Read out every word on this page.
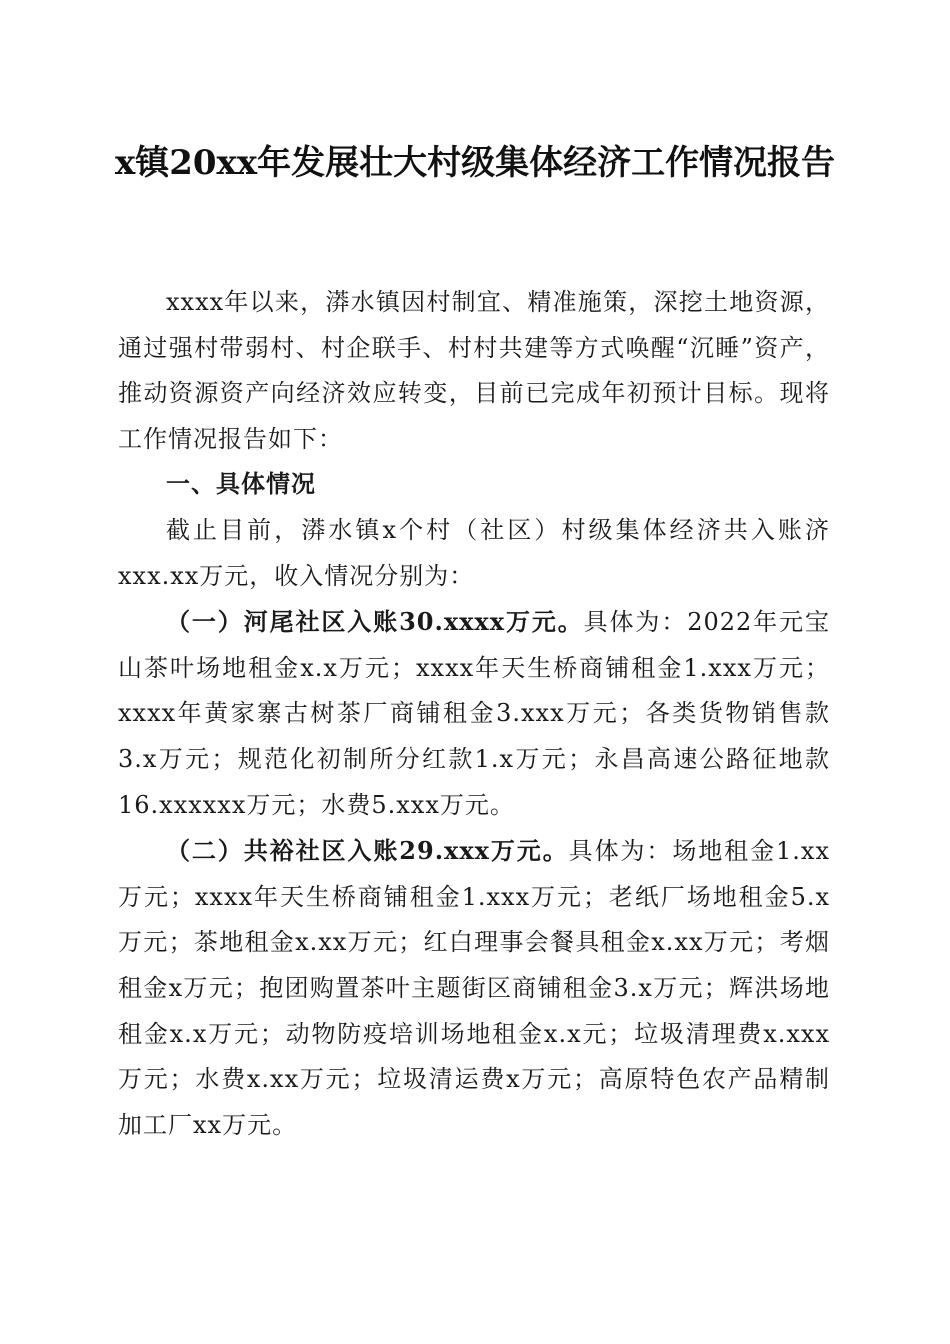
x镇20xx年发展壮大村级集体经济工作情况报告

xxxx年以来，漭水镇因村制宜、精准施策，深挖土地资源，通过强村带弱村、村企联手、村村共建等方式唤醒“沉睡”资产，推动资源资产向经济效应转变，目前已完成年初预计目标。现将工作情况报告如下：

一、具体情况

截止目前，漭水镇x个村（社区）村级集体经济共入账济xxx.xx万元，收入情况分别为：

（一）河尾社区入账30.xxxx万元。具体为：2022年元宝山茶叶场地租金x.x万元；xxxx年天生桥商铺租金1.xxx万元；xxxx年黄家寨古树茶厂商铺租金3.xxx万元；各类货物销售款3.x万元；规范化初制所分红款1.x万元；永昌高速公路征地款16.xxxxxx万元；水费5.xxx万元。

（二）共裕社区入账29.xxx万元。具体为：场地租金1.xx万元；xxxx年天生桥商铺租金1.xxx万元；老纸厂场地租金5.x万元；茶地租金x.xx万元；红白理事会餐具租金x.xx万元；考烟租金x万元；抱团购置茶叶主题街区商铺租金3.x万元；辉洪场地租金x.x万元；动物防疫培训场地租金x.x元；垃圾清理费x.xxx万元；水费x.xx万元；垃圾清运费x万元；高原特色农产品精制加工厂xx万元。
